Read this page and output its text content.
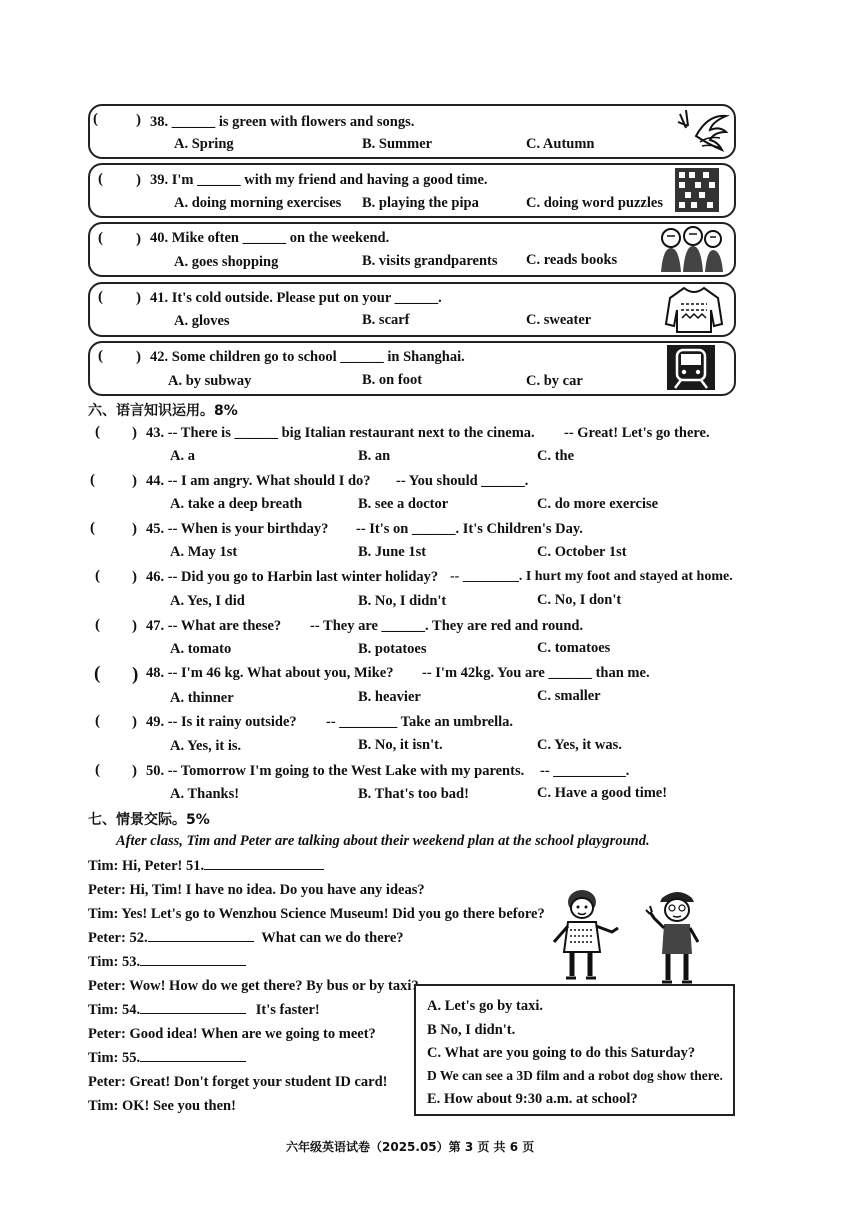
(	) 38. ______ is green with flowers and songs.
A. Spring	B. Summer	C. Autumn
( ) 39. I'm ______ with my friend and having a good time.
A. doing morning exercises B. playing the pipa	C. doing word puzzles
( ) 40. Mike often ______ on the weekend.
A. goes shopping	B. visits grandparents C. reads books
( ) 41. It's cold outside. Please put on your ______.
A. gloves	B. scarf	C. sweater
( ) 42. Some children go to school ______ in Shanghai.
A. by subway	B. on foot	C. by car
六、语言知识运用。8%
( ) 43. -- There is ______ big Italian restaurant next to the cinema. -- Great! Let's go there.
A. a	B. an	C. the
( ) 44. -- I am angry. What should I do? -- You should ______.
A. take a deep breath	B. see a doctor	C. do more exercise
( ) 45. -- When is your birthday? -- It's on ______. It's Children's Day.
A. May 1st	B. June 1st	C. October 1st
( ) 46. -- Did you go to Harbin last winter holiday? -- ________. I hurt my foot and stayed at home.
A. Yes, I did	B. No, I didn't	C. No, I don't
( ) 47. -- What are these? -- They are ______. They are red and round.
A. tomato	B. potatoes	C. tomatoes
( ) 48. -- I'm 46 kg. What about you, Mike? -- I'm 42kg. You are ______ than me.
A. thinner	B. heavier	C. smaller
( ) 49. -- Is it rainy outside? -- ________ Take an umbrella.
A. Yes, it is.	B. No, it isn't.	C. Yes, it was.
( ) 50. -- Tomorrow I'm going to the West Lake with my parents. -- __________.
A. Thanks!	B. That's too bad!	C. Have a good time!
七、情景交际。5%
After class, Tim and Peter are talking about their weekend plan at the school playground.
Tim: Hi, Peter! 51.
Peter: Hi, Tim! I have no idea. Do you have any ideas?
Tim: Yes! Let's go to Wenzhou Science Museum! Did you go there before?
Peter: 52.	What can we do there?
Tim: 53.
Peter: Wow! How do we get there? By bus or by taxi?
Tim: 54.	It's faster!
Peter: Good idea! When are we going to meet?
Tim: 55.
Peter: Great! Don't forget your student ID card!
Tim: OK! See you then!
A. Let's go by taxi.
B No, I didn't.
C. What are you going to do this Saturday?
D We can see a 3D film and a robot dog show there.
E. How about 9:30 a.m. at school?
六年级英语试卷（2025.05）第 3 页 共 6 页
